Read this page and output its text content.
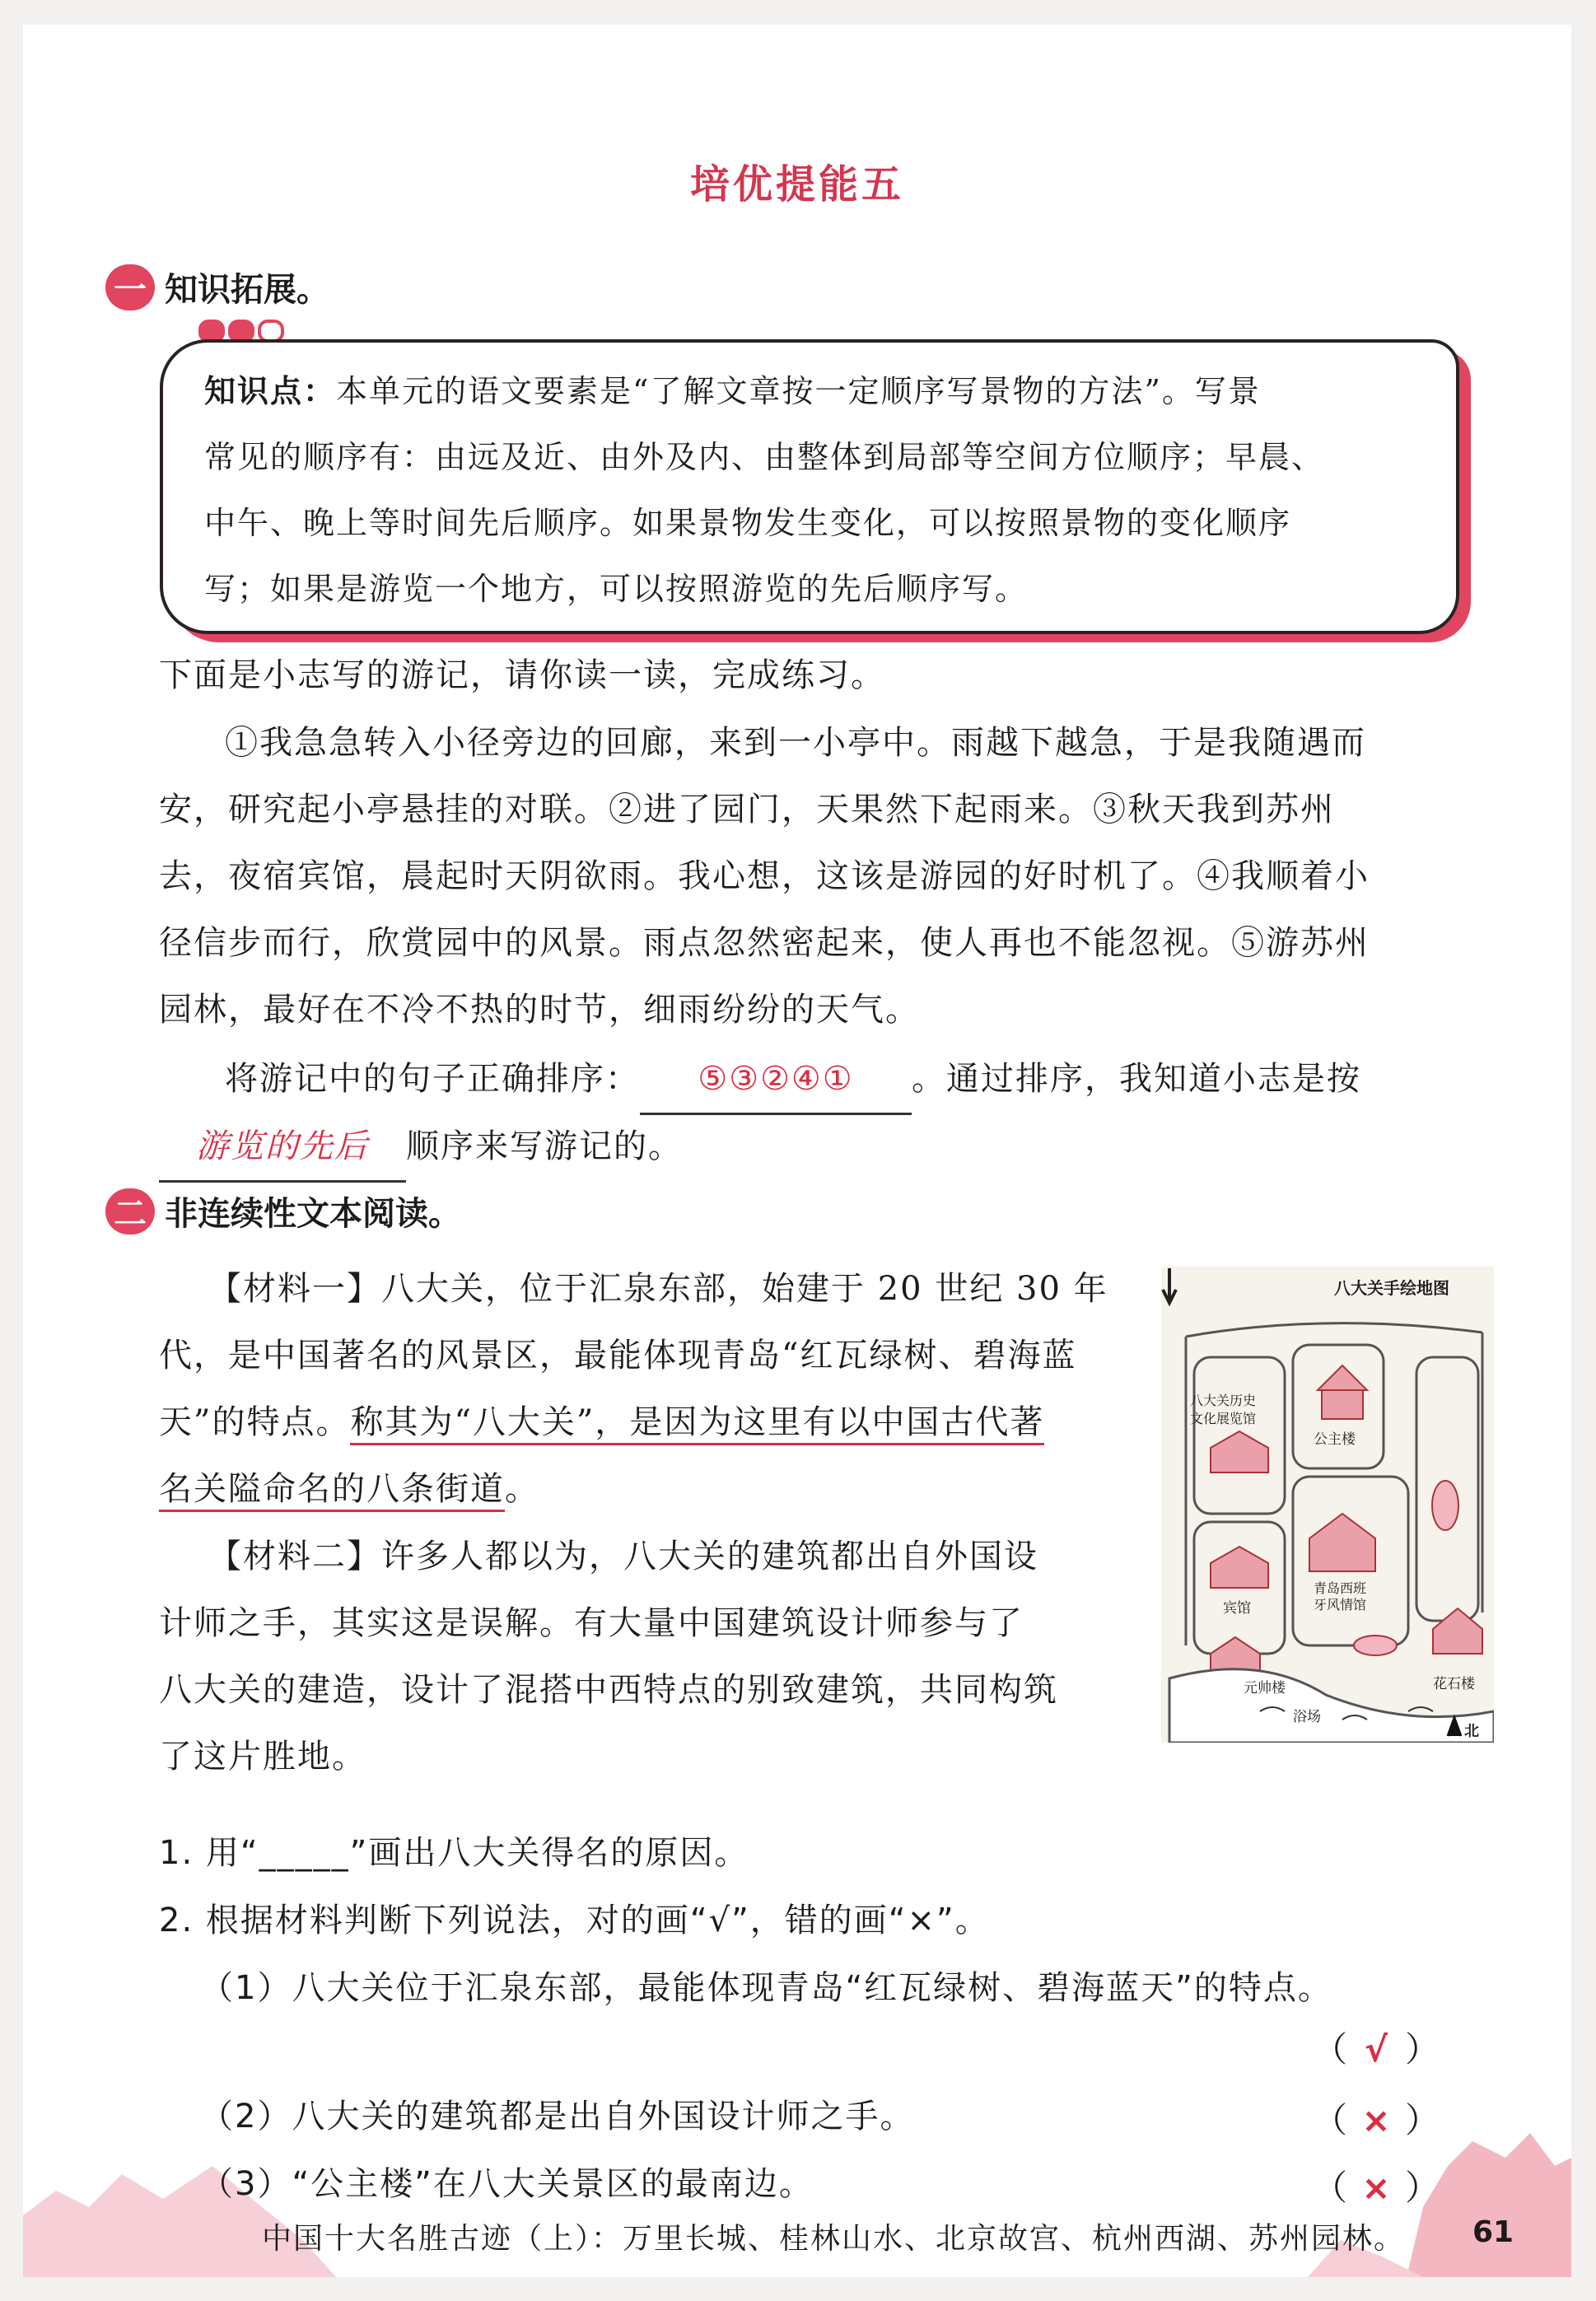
培优提能五
一 知识拓展。
知识点：本单元的语文要素是“了解文章按一定顺序写景物的方法”。写景
常见的顺序有：由远及近、由外及内、由整体到局部等空间方位顺序；早晨、
中午、晚上等时间先后顺序。如果景物发生变化，可以按照景物的变化顺序
写；如果是游览一个地方，可以按照游览的先后顺序写。
下面是小志写的游记，请你读一读，完成练习。
①我急急转入小径旁边的回廊，来到一小亭中。雨越下越急，于是我随遇而
安，研究起小亭悬挂的对联。②进了园门，天果然下起雨来。③秋天我到苏州
去，夜宿宾馆，晨起时天阴欲雨。我心想，这该是游园的好时机了。④我顺着小
径信步而行，欣赏园中的风景。雨点忽然密起来，使人再也不能忽视。⑤游苏州
园林，最好在不冷不热的时节，细雨纷纷的天气。
将游记中的句子正确排序： ⑤③②④① 。通过排序，我知道小志是按
游览的先后 顺序来写游记的。
二 非连续性文本阅读。
【材料一】八大关，位于汇泉东部，始建于 20 世纪 30 年
代，是中国著名的风景区，最能体现青岛“红瓦绿树、碧海蓝
天”的特点。称其为“八大关”，是因为这里有以中国古代著
名关隘命名的八条街道。
【材料二】许多人都以为，八大关的建筑都出自外国设
计师之手，其实这是误解。有大量中国建筑设计师参与了
八大关的建造，设计了混搭中西特点的别致建筑，共同构筑
了这片胜地。
八大关手绘地图
八大关历史
文化展览馆
公主楼
宾馆
青岛西班
牙风情馆
元帅楼	花石楼
浴场
北
1. 用“_____”画出八大关得名的原因。
2. 根据材料判断下列说法，对的画“√”，错的画“×”。
（1）八大关位于汇泉东部，最能体现青岛“红瓦绿树、碧海蓝天”的特点。
（ √ ）
（2）八大关的建筑都是出自外国设计师之手。	（ × ）
（3）“公主楼”在八大关景区的最南边。	（ × ）
中国十大名胜古迹（上）：万里长城、桂林山水、北京故宫、杭州西湖、苏州园林。 61
